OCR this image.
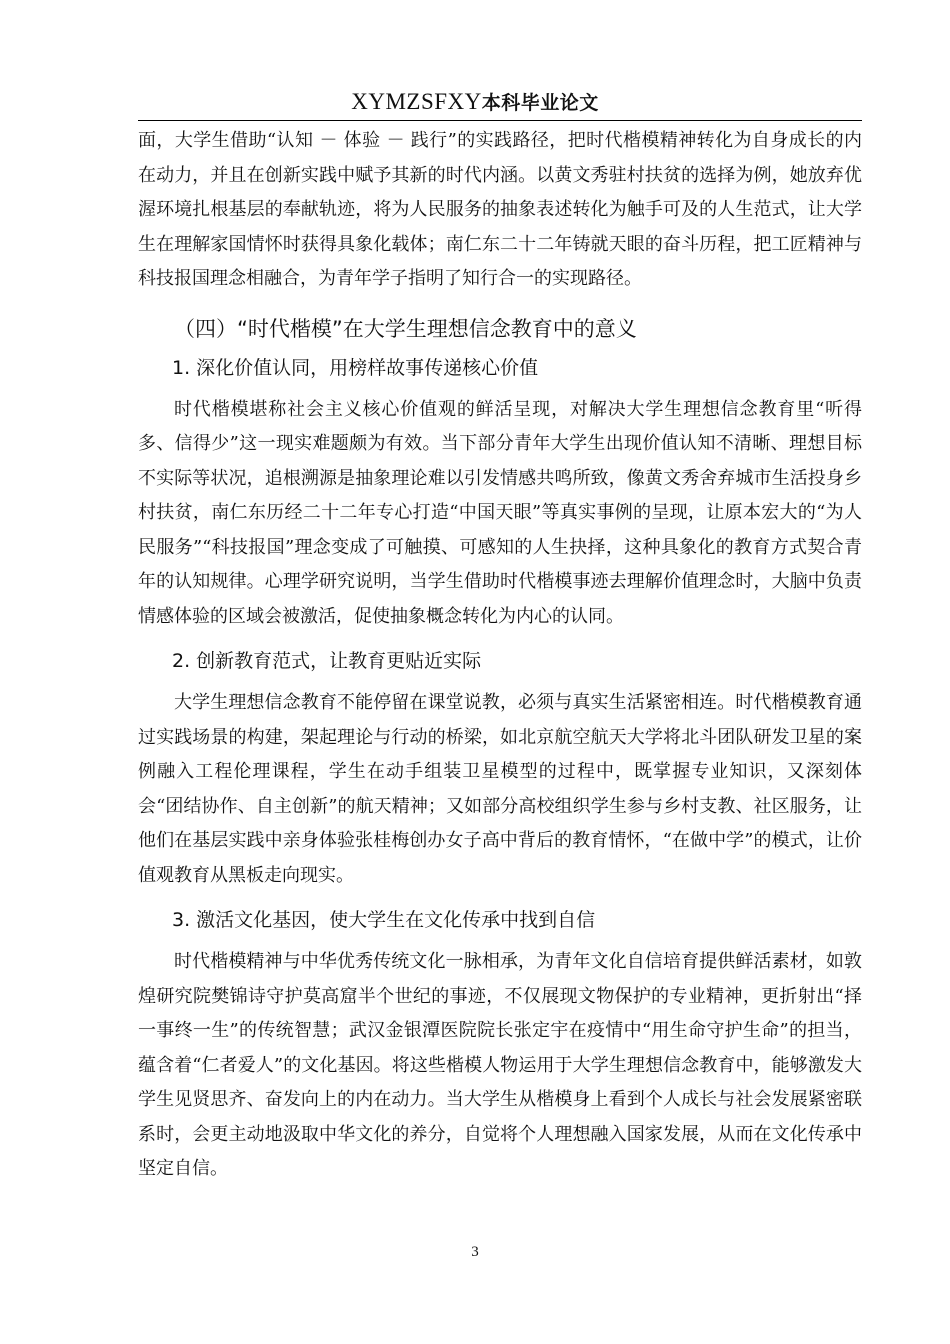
XYMZSFXY本科毕业论文

面，大学生借助“认知 － 体验 － 践行”的实践路径，把时代楷模精神转化为自身成长的内在动力，并且在创新实践中赋予其新的时代内涵。以黄文秀驻村扶贫的选择为例，她放弃优渥环境扎根基层的奉献轨迹，将为人民服务的抽象表述转化为触手可及的人生范式，让大学生在理解家国情怀时获得具象化载体；南仁东二十二年铸就天眼的奋斗历程，把工匠精神与科技报国理念相融合，为青年学子指明了知行合一的实现路径。

（四）“时代楷模”在大学生理想信念教育中的意义
1. 深化价值认同，用榜样故事传递核心价值

时代楷模堪称社会主义核心价值观的鲜活呈现，对解决大学生理想信念教育里“听得多、信得少”这一现实难题颇为有效。当下部分青年大学生出现价值认知不清晰、理想目标不实际等状况，追根溯源是抽象理论难以引发情感共鸣所致，像黄文秀舍弃城市生活投身乡村扶贫，南仁东历经二十二年专心打造“中国天眼”等真实事例的呈现，让原本宏大的“为人民服务”“科技报国”理念变成了可触摸、可感知的人生抉择，这种具象化的教育方式契合青年的认知规律。心理学研究说明，当学生借助时代楷模事迹去理解价值理念时，大脑中负责情感体验的区域会被激活，促使抽象概念转化为内心的认同。

2. 创新教育范式，让教育更贴近实际

大学生理想信念教育不能停留在课堂说教，必须与真实生活紧密相连。时代楷模教育通过实践场景的构建，架起理论与行动的桥梁，如北京航空航天大学将北斗团队研发卫星的案例融入工程伦理课程，学生在动手组装卫星模型的过程中，既掌握专业知识，又深刻体会“团结协作、自主创新”的航天精神；又如部分高校组织学生参与乡村支教、社区服务，让他们在基层实践中亲身体验张桂梅创办女子高中背后的教育情怀，“在做中学”的模式，让价值观教育从黑板走向现实。

3. 激活文化基因，使大学生在文化传承中找到自信

时代楷模精神与中华优秀传统文化一脉相承，为青年文化自信培育提供鲜活素材，如敦煌研究院樊锦诗守护莫高窟半个世纪的事迹，不仅展现文物保护的专业精神，更折射出“择一事终一生”的传统智慧；武汉金银潭医院院长张定宇在疫情中“用生命守护生命”的担当，蕴含着“仁者爱人”的文化基因。将这些楷模人物运用于大学生理想信念教育中，能够激发大学生见贤思齐、奋发向上的内在动力。当大学生从楷模身上看到个人成长与社会发展紧密联系时，会更主动地汲取中华文化的养分，自觉将个人理想融入国家发展，从而在文化传承中坚定自信。

3
